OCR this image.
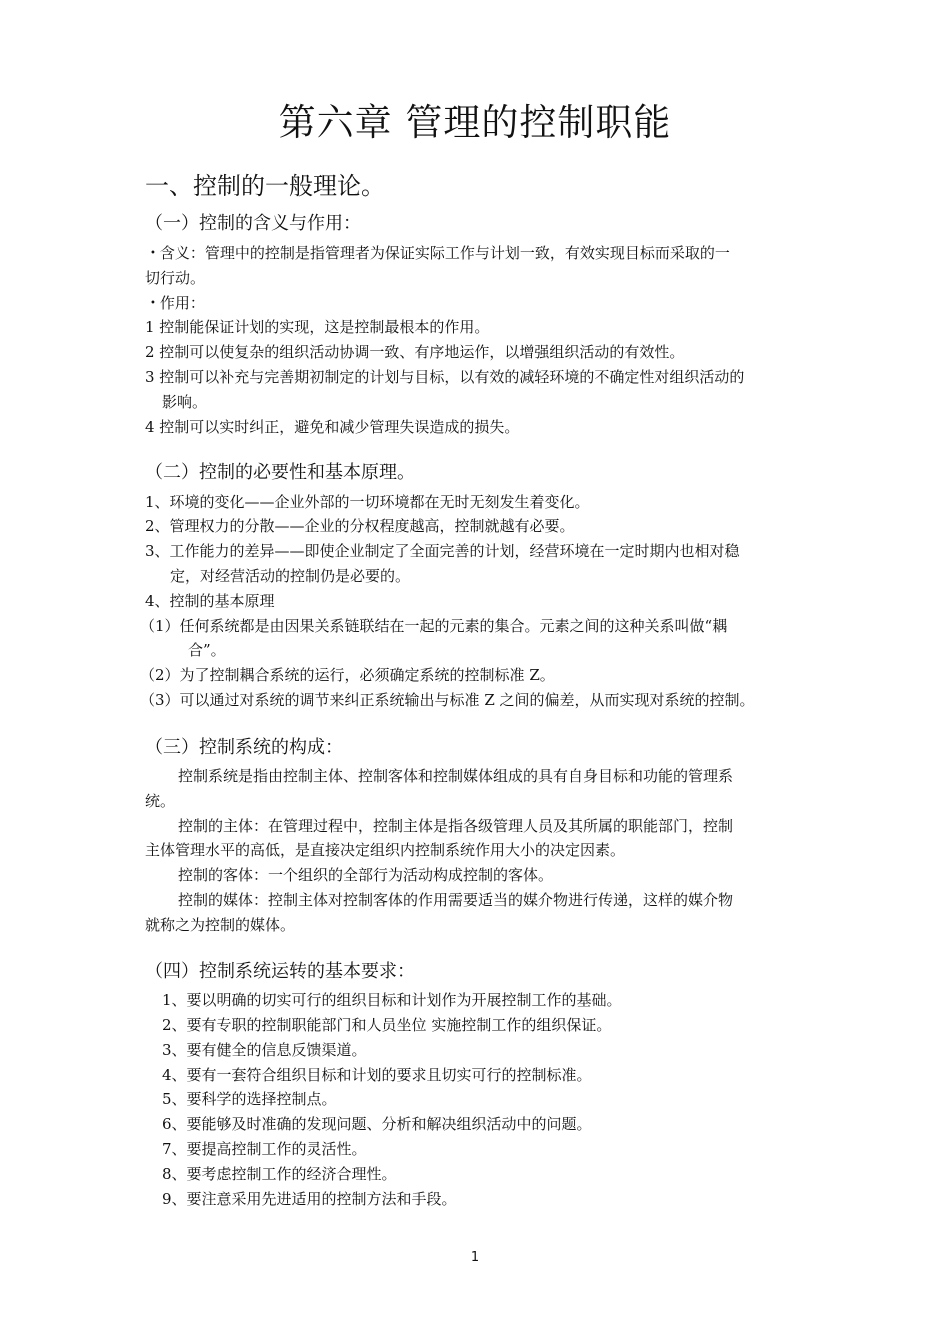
第六章 管理的控制职能
一、控制的一般理论。
（一）控制的含义与作用：
• 含义：管理中的控制是指管理者为保证实际工作与计划一致，有效实现目标而采取的一
切行动。
• 作用：
1 控制能保证计划的实现，这是控制最根本的作用。
2 控制可以使复杂的组织活动协调一致、有序地运作，以增强组织活动的有效性。
3 控制可以补充与完善期初制定的计划与目标，以有效的减轻环境的不确定性对组织活动的
影响。
4 控制可以实时纠正，避免和减少管理失误造成的损失。
（二）控制的必要性和基本原理。
1、环境的变化——企业外部的一切环境都在无时无刻发生着变化。
2、管理权力的分散——企业的分权程度越高，控制就越有必要。
3、工作能力的差异——即使企业制定了全面完善的计划，经营环境在一定时期内也相对稳
定，对经营活动的控制仍是必要的。
4、控制的基本原理
（1）任何系统都是由因果关系链联结在一起的元素的集合。元素之间的这种关系叫做“耦
合”。
（2）为了控制耦合系统的运行，必须确定系统的控制标准 Z。
（3）可以通过对系统的调节来纠正系统输出与标准 Z 之间的偏差，从而实现对系统的控制。
（三）控制系统的构成：
控制系统是指由控制主体、控制客体和控制媒体组成的具有自身目标和功能的管理系
统。
控制的主体：在管理过程中，控制主体是指各级管理人员及其所属的职能部门，控制
主体管理水平的高低，是直接决定组织内控制系统作用大小的决定因素。
控制的客体：一个组织的全部行为活动构成控制的客体。
控制的媒体：控制主体对控制客体的作用需要适当的媒介物进行传递，这样的媒介物
就称之为控制的媒体。
（四）控制系统运转的基本要求：
1、要以明确的切实可行的组织目标和计划作为开展控制工作的基础。
2、要有专职的控制职能部门和人员坐位 实施控制工作的组织保证。
3、要有健全的信息反馈渠道。
4、要有一套符合组织目标和计划的要求且切实可行的控制标准。
5、要科学的选择控制点。
6、要能够及时准确的发现问题、分析和解决组织活动中的问题。
7、要提高控制工作的灵活性。
8、要考虑控制工作的经济合理性。
9、要注意采用先进适用的控制方法和手段。
1
